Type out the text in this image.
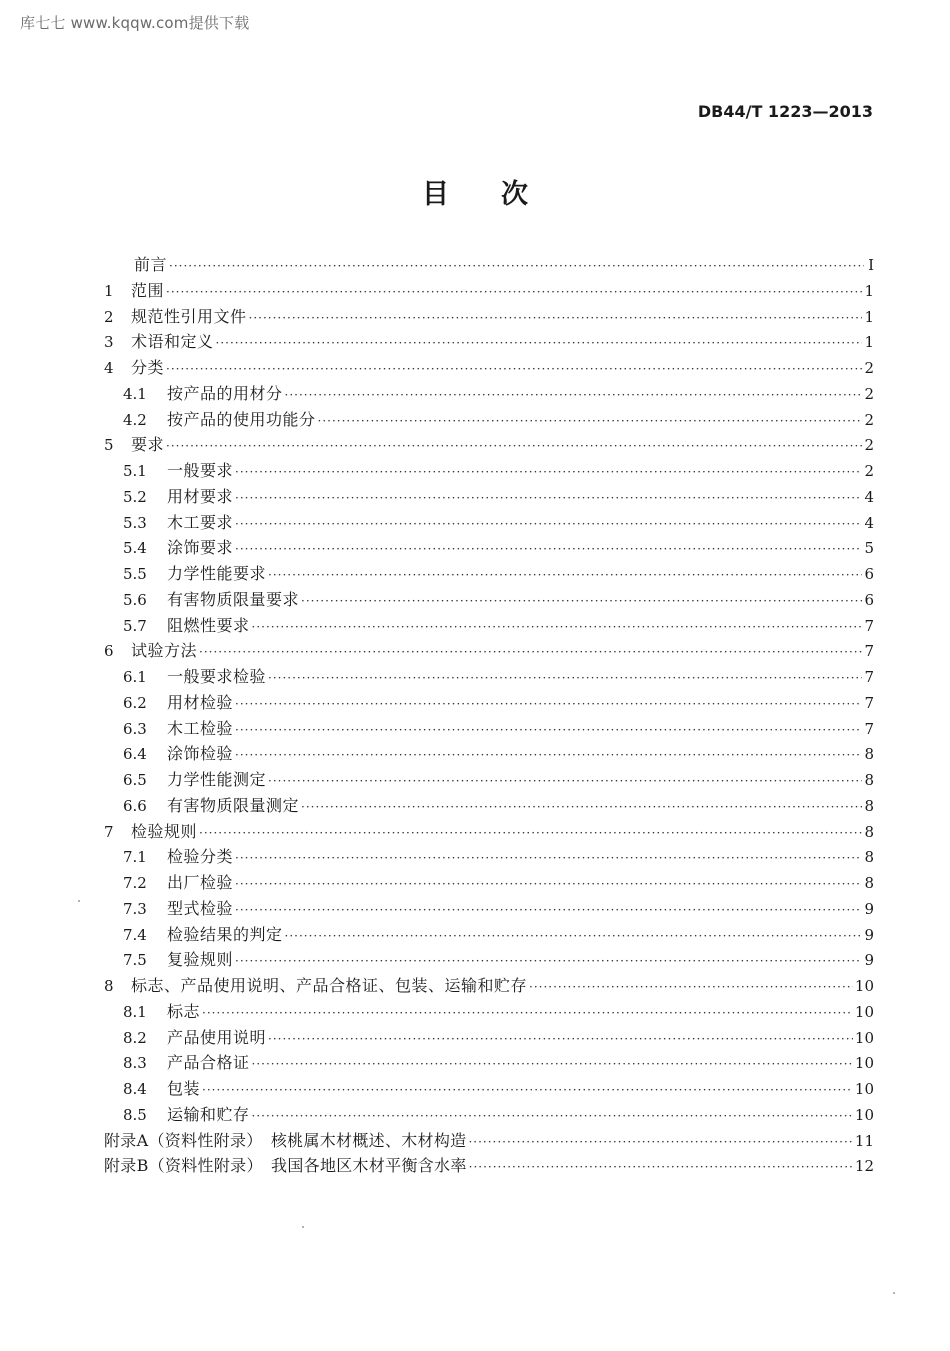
库七七 www.kqqw.com提供下载
DB44/T 1223—2013
目 次
前言 ·····	I
1	范围 ·····	1
2	规范性引用文件 ·····	1
3	术语和定义 ·····	1
4	分类 ·····	2
4.1	按产品的用材分 ·····	2
4.2	按产品的使用功能分 ·····	2
5	要求 ·····	2
5.1	一般要求 ·····	2
5.2	用材要求 ·····	4
5.3	木工要求 ·····	4
5.4	涂饰要求 ·····	5
5.5	力学性能要求 ·····	6
5.6	有害物质限量要求 ·····	6
5.7	阻燃性要求 ·····	7
6	试验方法 ·····	7
6.1	一般要求检验 ·····	7
6.2	用材检验 ·····	7
6.3	木工检验 ·····	7
6.4	涂饰检验 ·····	8
6.5	力学性能测定 ·····	8
6.6	有害物质限量测定 ·····	8
7	检验规则 ·····	8
7.1	检验分类 ·····	8
7.2	出厂检验 ·····	8
7.3	型式检验 ·····	9
7.4	检验结果的判定 ·····	9
7.5	复验规则 ·····	9
8	标志、产品使用说明、产品合格证、包装、运输和贮存 ·····	10
8.1	标志 ·····	10
8.2	产品使用说明 ·····	10
8.3	产品合格证 ·····	10
8.4	包装 ·····	10
8.5	运输和贮存 ·····	10
附录A（资料性附录）　核桃属木材概述、木材构造 ·····	11
附录B（资料性附录）　我国各地区木材平衡含水率 ·····	12
